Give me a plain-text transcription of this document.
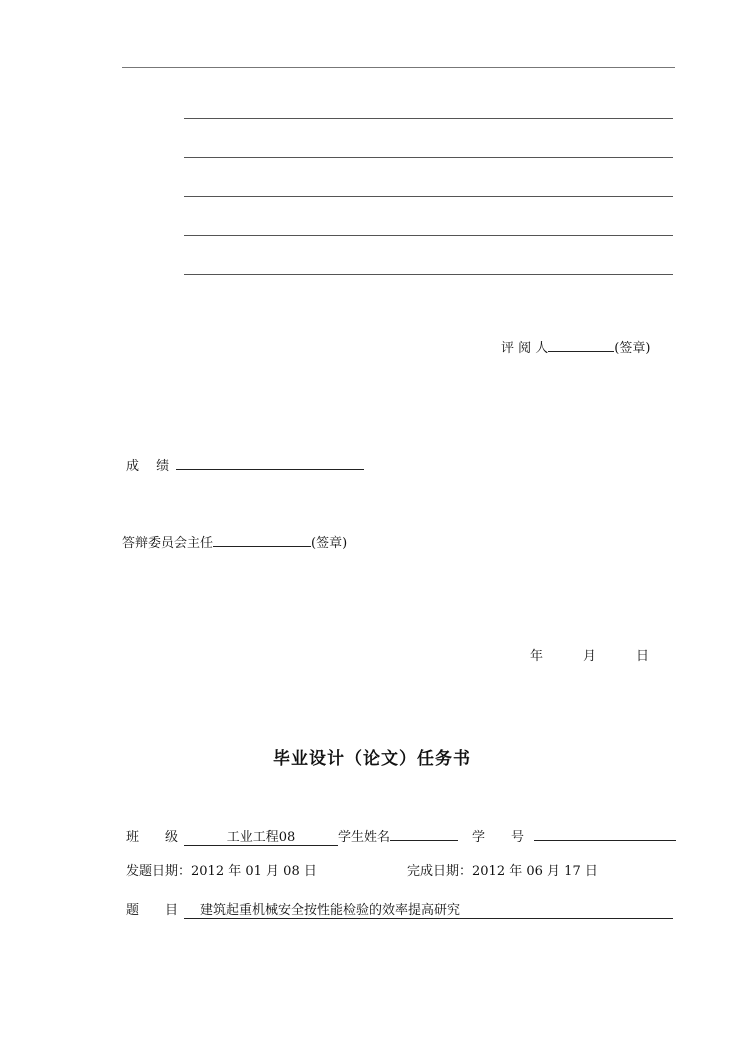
评 阅 人	(签章)
成　 绩
答辩委员会主任	(签章)
年	月	日
毕业设计（论文）任务书
班　　级	工业工程08	学生姓名	学　　号
发题日期：2012 年 01 月 08 日	完成日期：2012 年 06 月 17 日
题　　目 建筑起重机械安全按性能检验的效率提高研究
